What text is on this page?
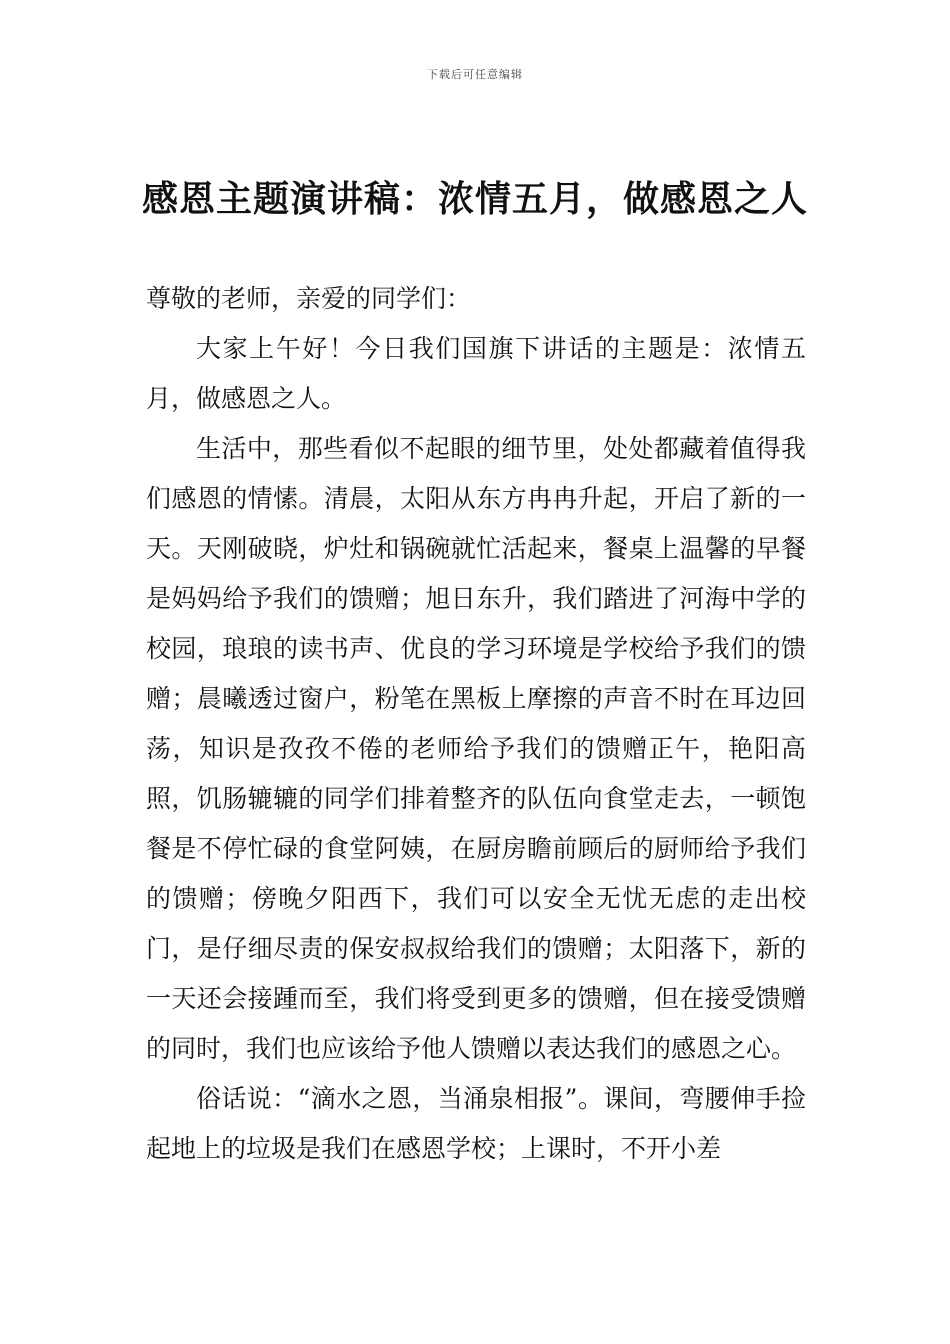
下载后可任意编辑
感恩主题演讲稿：浓情五月，做感恩之人

尊敬的老师，亲爱的同学们：

大家上午好！今日我们国旗下讲话的主题是：浓情五月，做感恩之人。

生活中，那些看似不起眼的细节里，处处都藏着值得我们感恩的情愫。清晨，太阳从东方冉冉升起，开启了新的一天。天刚破晓，炉灶和锅碗就忙活起来，餐桌上温馨的早餐是妈妈给予我们的馈赠；旭日东升，我们踏进了河海中学的校园，琅琅的读书声、优良的学习环境是学校给予我们的馈赠；晨曦透过窗户，粉笔在黑板上摩擦的声音不时在耳边回荡，知识是孜孜不倦的老师给予我们的馈赠正午，艳阳高照，饥肠辘辘的同学们排着整齐的队伍向食堂走去，一顿饱餐是不停忙碌的食堂阿姨，在厨房瞻前顾后的厨师给予我们的馈赠；傍晚夕阳西下，我们可以安全无忧无虑的走出校门，是仔细尽责的保安叔叔给我们的馈赠；太阳落下，新的一天还会接踵而至，我们将受到更多的馈赠，但在接受馈赠的同时，我们也应该给予他人馈赠以表达我们的感恩之心。

俗话说：“滴水之恩，当涌泉相报”。课间，弯腰伸手捡起地上的垃圾是我们在感恩学校；上课时，不开小差
